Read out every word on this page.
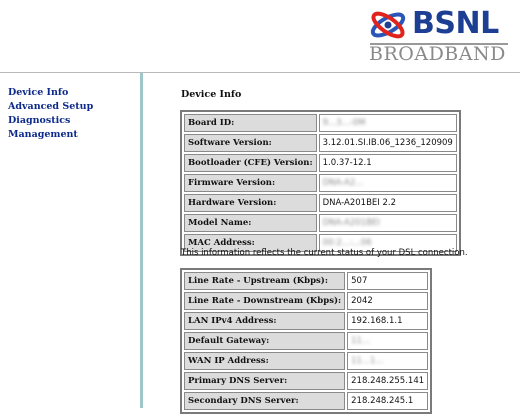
BSNL
BROADBAND
Device Info
Advanced Setup
Diagnostics
Management
Device Info
Board ID:	9...3...-0M
Software Version:	3.12.01.SI.IB.06_1236_120909
Bootloader (CFE) Version:	1.0.37-12.1
Firmware Version:	DNA-A2...
Hardware Version:	DNA-A201BEI 2.2
Model Name:	DNA-A201BEI
MAC Address:	00:2...:...06
This information reflects the current status of your DSL connection.
Line Rate - Upstream (Kbps):	507
Line Rate - Downstream (Kbps):	2042
LAN IPv4 Address:	192.168.1.1
Default Gateway:	11...
WAN IP Address:	11...1...
Primary DNS Server:	218.248.255.141
Secondary DNS Server:	218.248.245.1
